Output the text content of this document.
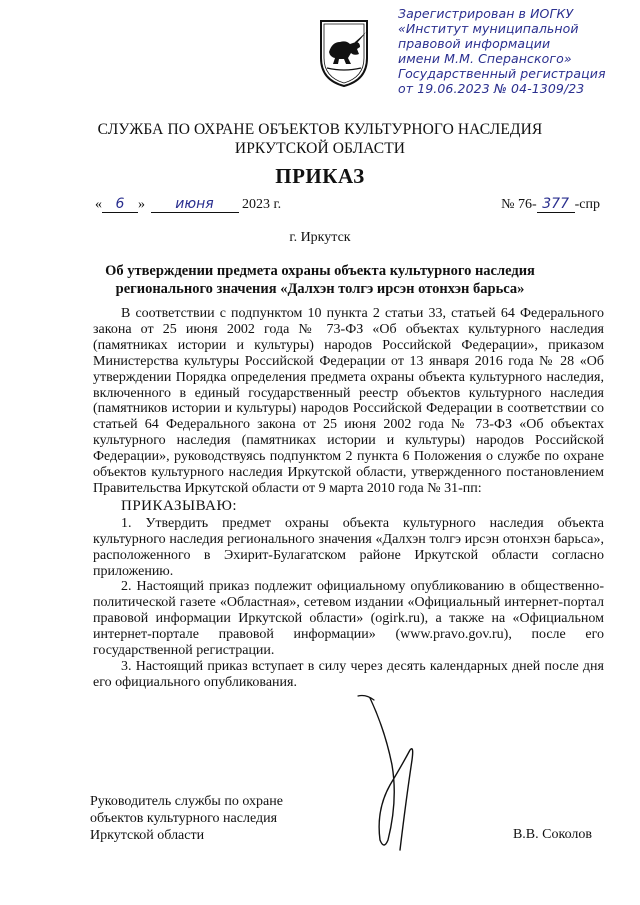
Зарегистрирован в ИОГКУ
«Институт муниципальной
правовой информации
имени М.М. Сперанского»
Государственный регистрация
от 19.06.2023 № 04-1309/23
СЛУЖБА ПО ОХРАНЕ ОБЪЕКТОВ КУЛЬТУРНОГО НАСЛЕДИЯ
ИРКУТСКОЙ ОБЛАСТИ
ПРИКАЗ
« 6 » июня 2023 г.	№ 76- 377 -спр
г. Иркутск
Об утверждении предмета охраны объекта культурного наследия
регионального значения «Далхэн толгэ ирсэн отонхэн барьса»

В соответствии с подпунктом 10 пункта 2 статьи 33, статьей 64 Федерального закона от 25 июня 2002 года № 73-ФЗ «Об объектах культурного наследия (памятниках истории и культуры) народов Российской Федерации», приказом Министерства культуры Российской Федерации от 13 января 2016 года № 28 «Об утверждении Порядка определения предмета охраны объекта культурного наследия, включенного в единый государственный реестр объектов культурного наследия (памятников истории и культуры) народов Российской Федерации в соответствии со статьей 64 Федерального закона от 25 июня 2002 года № 73-ФЗ «Об объектах культурного наследия (памятниках истории и культуры) народов Российской Федерации», руководствуясь подпунктом 2 пункта 6 Положения о службе по охране объектов культурного наследия Иркутской области, утвержденного постановлением Правительства Иркутской области от 9 марта 2010 года № 31-пп:

ПРИКАЗЫВАЮ:

1. Утвердить предмет охраны объекта культурного наследия объекта культурного наследия регионального значения «Далхэн толгэ ирсэн отонхэн барьса», расположенного в Эхирит-Булагатском районе Иркутской области согласно приложению.

2. Настоящий приказ подлежит официальному опубликованию в общественно-политической газете «Областная», сетевом издании «Официальный интернет-портал правовой информации Иркутской области» (ogirk.ru), а также на «Официальном интернет-портале правовой информации» (www.pravo.gov.ru), после его государственной регистрации.

3. Настоящий приказ вступает в силу через десять календарных дней после дня его официального опубликования.

Руководитель службы по охране
объектов культурного наследия
Иркутской области	В.В. Соколов
